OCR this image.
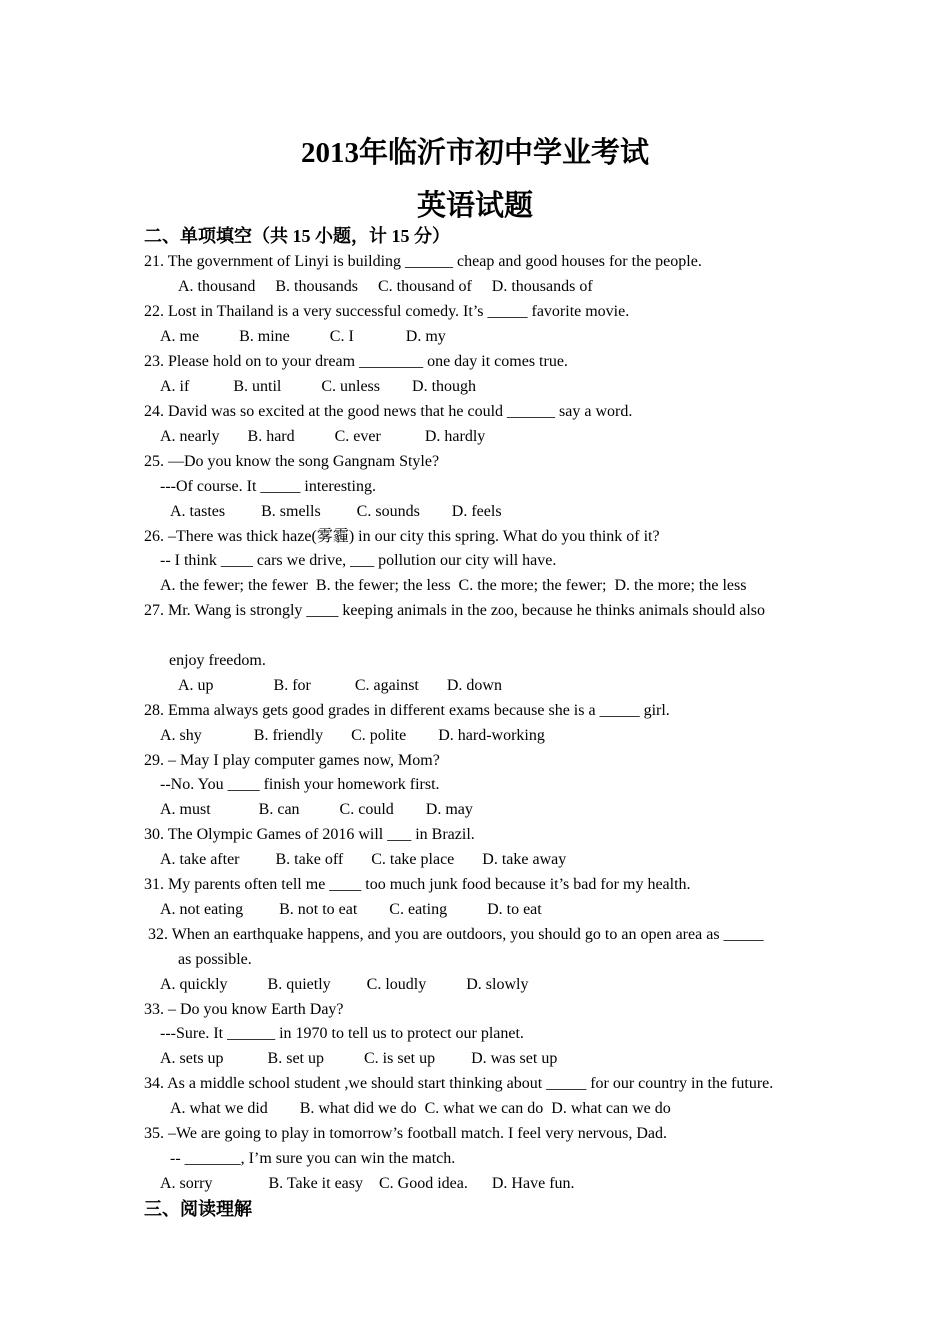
2013年临沂市初中学业考试
英语试题
二、单项填空（共 15 小题，计 15 分）
21. The government of Linyi is building ______ cheap and good houses for the people.
A. thousand     B. thousands     C. thousand of     D. thousands of
22. Lost in Thailand is a very successful comedy. It’s _____ favorite movie.
A. me          B. mine          C. I             D. my
23. Please hold on to your dream ________ one day it comes true.
A. if           B. until          C. unless        D. though
24. David was so excited at the good news that he could ______ say a word.
A. nearly       B. hard          C. ever           D. hardly
25. —Do you know the song Gangnam Style?
---Of course. It _____ interesting.
A. tastes         B. smells         C. sounds        D. feels
26. –There was thick haze(雾霾) in our city this spring. What do you think of it?
-- I think ____ cars we drive, ___ pollution our city will have.
A. the fewer; the fewer  B. the fewer; the less  C. the more; the fewer;  D. the more; the less
27. Mr. Wang is strongly ____ keeping animals in the zoo, because he thinks animals should also
enjoy freedom.
A. up               B. for           C. against       D. down
28. Emma always gets good grades in different exams because she is a _____ girl.
A. shy             B. friendly       C. polite        D. hard-working
29. – May I play computer games now, Mom?
--No. You ____ finish your homework first.
A. must            B. can          C. could        D. may
30. The Olympic Games of 2016 will ___ in Brazil.
A. take after         B. take off       C. take place       D. take away
31. My parents often tell me ____ too much junk food because it’s bad for my health.
A. not eating         B. not to eat        C. eating          D. to eat
32. When an earthquake happens, and you are outdoors, you should go to an open area as _____
as possible.
A. quickly          B. quietly         C. loudly          D. slowly
33. – Do you know Earth Day?
---Sure. It ______ in 1970 to tell us to protect our planet.
A. sets up           B. set up          C. is set up         D. was set up
34. As a middle school student ,we should start thinking about _____ for our country in the future.
A. what we did        B. what did we do  C. what we can do  D. what can we do
35. –We are going to play in tomorrow’s football match. I feel very nervous, Dad.
-- _______, I’m sure you can win the match.
A. sorry              B. Take it easy    C. Good idea.      D. Have fun.
三、阅读理解
